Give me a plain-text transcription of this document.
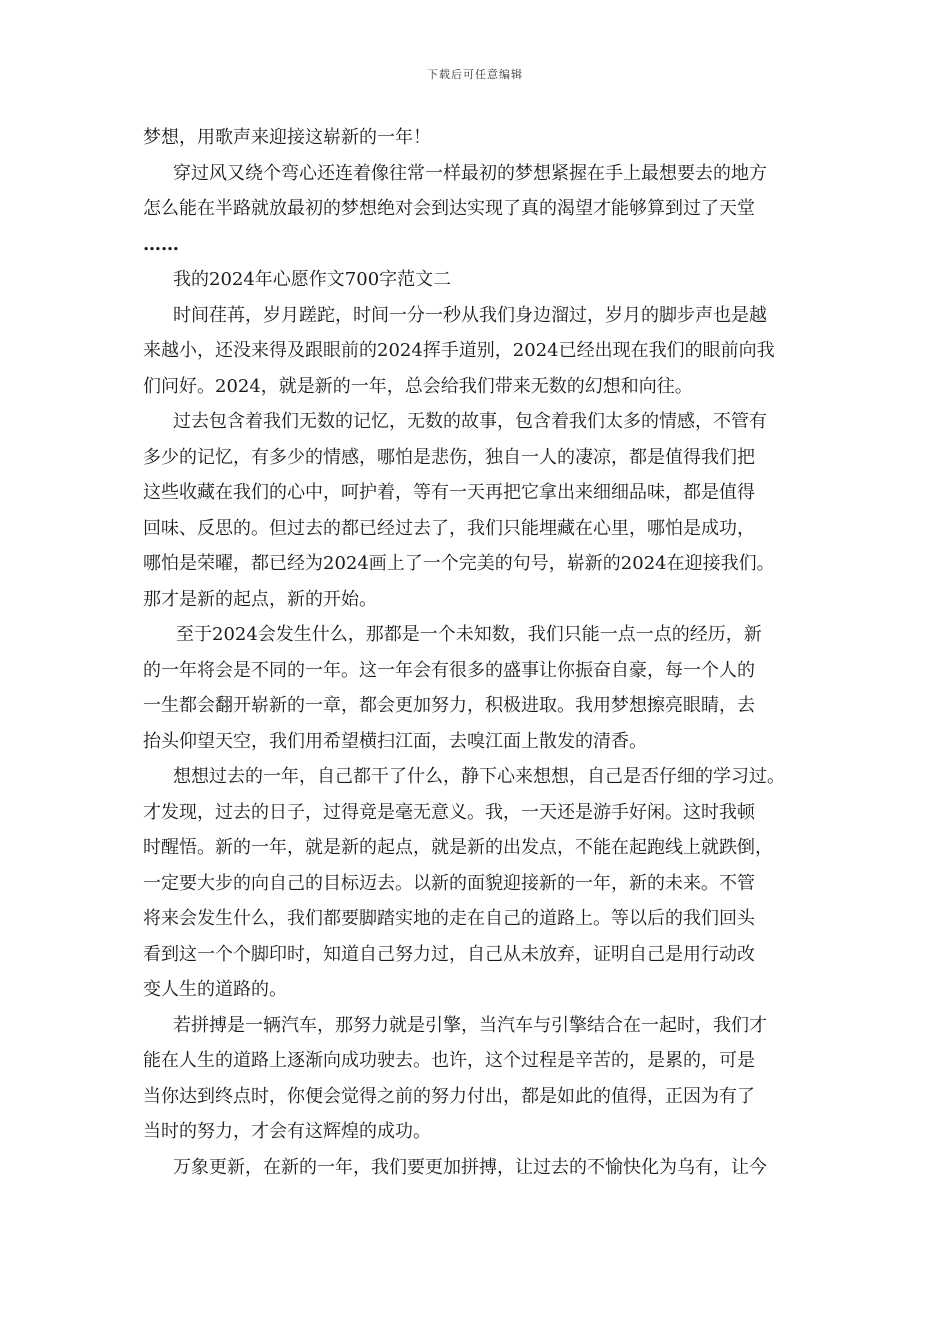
下载后可任意编辑
梦想，用歌声来迎接这崭新的一年！
穿过风又绕个弯心还连着像往常一样最初的梦想紧握在手上最想要去的地方
怎么能在半路就放最初的梦想绝对会到达实现了真的渴望才能够算到过了天堂
……
我的2024年心愿作文700字范文二
时间荏苒，岁月蹉跎，时间一分一秒从我们身边溜过，岁月的脚步声也是越
来越小，还没来得及跟眼前的2024挥手道别，2024已经出现在我们的眼前向我
们问好。2024，就是新的一年，总会给我们带来无数的幻想和向往。
过去包含着我们无数的记忆，无数的故事，包含着我们太多的情感，不管有
多少的记忆，有多少的情感，哪怕是悲伤，独自一人的凄凉，都是值得我们把
这些收藏在我们的心中，呵护着，等有一天再把它拿出来细细品味，都是值得
回味、反思的。但过去的都已经过去了，我们只能埋藏在心里，哪怕是成功，
哪怕是荣曜，都已经为2024画上了一个完美的句号，崭新的2024在迎接我们。
那才是新的起点，新的开始。
至于2024会发生什么，那都是一个未知数，我们只能一点一点的经历，新
的一年将会是不同的一年。这一年会有很多的盛事让你振奋自豪，每一个人的
一生都会翻开崭新的一章，都会更加努力，积极进取。我用梦想擦亮眼睛，去
抬头仰望天空，我们用希望横扫江面，去嗅江面上散发的清香。
想想过去的一年，自己都干了什么，静下心来想想，自己是否仔细的学习过。
才发现，过去的日子，过得竟是毫无意义。我，一天还是游手好闲。这时我顿
时醒悟。新的一年，就是新的起点，就是新的出发点，不能在起跑线上就跌倒，
一定要大步的向自己的目标迈去。以新的面貌迎接新的一年，新的未来。不管
将来会发生什么，我们都要脚踏实地的走在自己的道路上。等以后的我们回头
看到这一个个脚印时，知道自己努力过，自己从未放弃，证明自己是用行动改
变人生的道路的。
若拼搏是一辆汽车，那努力就是引擎，当汽车与引擎结合在一起时，我们才
能在人生的道路上逐渐向成功驶去。也许，这个过程是辛苦的，是累的，可是
当你达到终点时，你便会觉得之前的努力付出，都是如此的值得，正因为有了
当时的努力，才会有这辉煌的成功。
万象更新，在新的一年，我们要更加拼搏，让过去的不愉快化为乌有，让今
